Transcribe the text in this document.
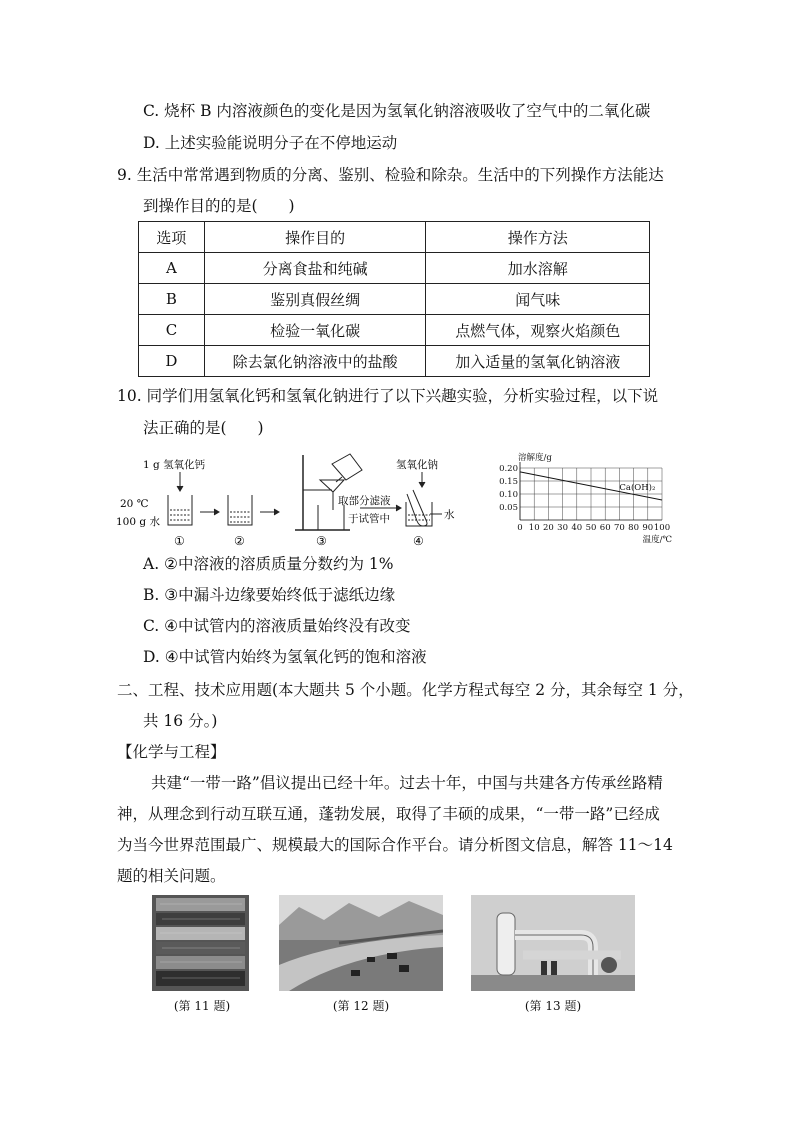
C. 烧杯 B 内溶液颜色的变化是因为氢氧化钠溶液吸收了空气中的二氧化碳
D. 上述实验能说明分子在不停地运动
9. 生活中常常遇到物质的分离、鉴别、检验和除杂。生活中的下列操作方法能达
到操作目的的是(　　)
选项	操作目的	操作方法
A	分离食盐和纯碱	加水溶解
B	鉴别真假丝绸	闻气味
C	检验一氧化碳	点燃气体，观察火焰颜色
D	除去氯化钠溶液中的盐酸	加入适量的氢氧化钠溶液
10. 同学们用氢氧化钙和氢氧化钠进行了以下兴趣实验，分析实验过程，以下说
法正确的是(　　)
1 g 氢氧化钙
20 ℃
100 g 水
氢氧化钠
取部分滤液
于试管中	水
①	②	③	④
0 10 20 30 40 50 60 70 80 90 100
0.05
0.10
0.15
0.20
溶解度/g
温度/℃
Ca(OH)₂
A. ②中溶液的溶质质量分数约为 1%
B. ③中漏斗边缘要始终低于滤纸边缘
C. ④中试管内的溶液质量始终没有改变
D. ④中试管内始终为氢氧化钙的饱和溶液
二、工程、技术应用题(本大题共 5 个小题。化学方程式每空 2 分，其余每空 1 分，
共 16 分。)
【化学与工程】
共建“一带一路”倡议提出已经十年。过去十年，中国与共建各方传承丝路精
神，从理念到行动互联互通，蓬勃发展，取得了丰硕的成果，“一带一路”已经成
为当今世界范围最广、规模最大的国际合作平台。请分析图文信息，解答 11～14
题的相关问题。
(第 11 题)	(第 12 题)	(第 13 题)
